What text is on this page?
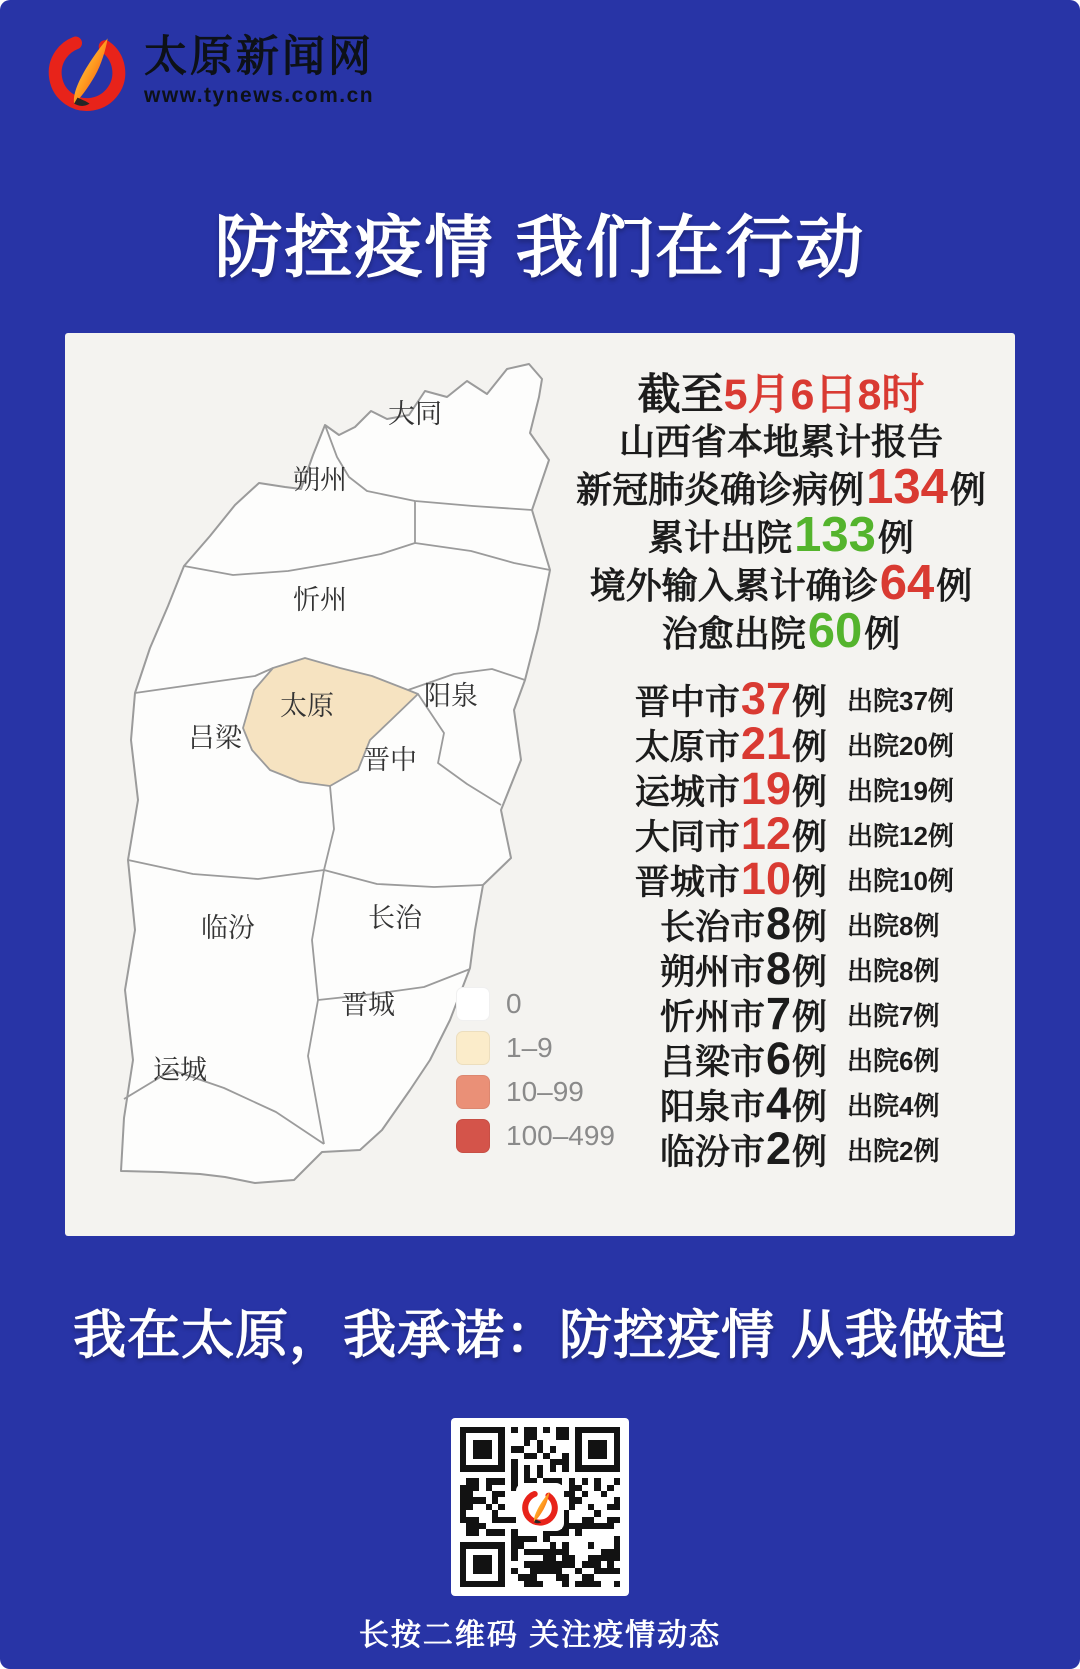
太原新闻网
www.tynews.com.cn
防控疫情 我们在行动
大同
朔州
忻州
阳泉
太原
吕梁
晋中
临汾	长治
晋城
运城
截至 5月6日8时
山西省本地累计报告
新冠肺炎确诊病例 134 例
累计出院 133 例
境外输入累计确诊 64 例
治愈出院 60 例
晋中市37例 出院37例
太原市21例 出院20例
运城市19例 出院19例
大同市12例 出院12例
晋城市10例 出院10例
长治市8例 出院8例
朔州市8例 出院8例
忻州市7例 出院7例
吕梁市6例 出院6例
阳泉市4例 出院4例
临汾市2例 出院2例
0
1–9
10–99
100–499
我在太原，我承诺：防控疫情 从我做起
长按二维码 关注疫情动态
